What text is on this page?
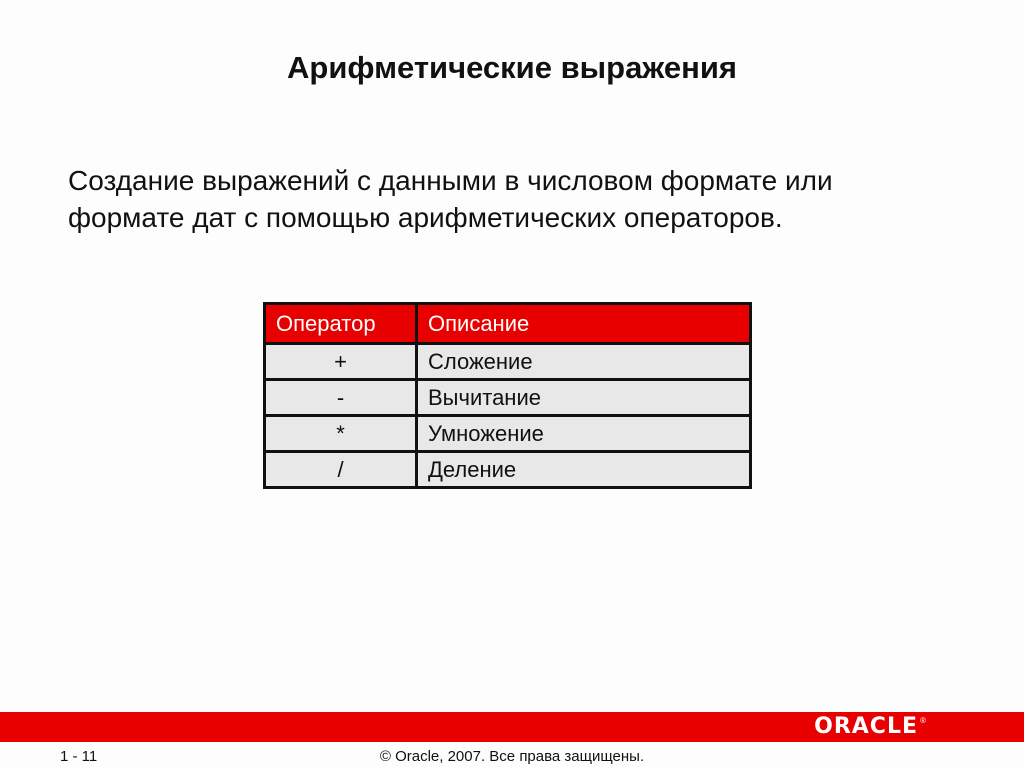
Арифметические выражения
Создание выражений с данными в числовом формате или
формате дат с помощью арифметических операторов.
Оператор	Описание
+	Сложение
-	Вычитание
*	Умножение
/	Деление
ORACLE ®
1 - 11	© Oracle, 2007. Все права защищены.
